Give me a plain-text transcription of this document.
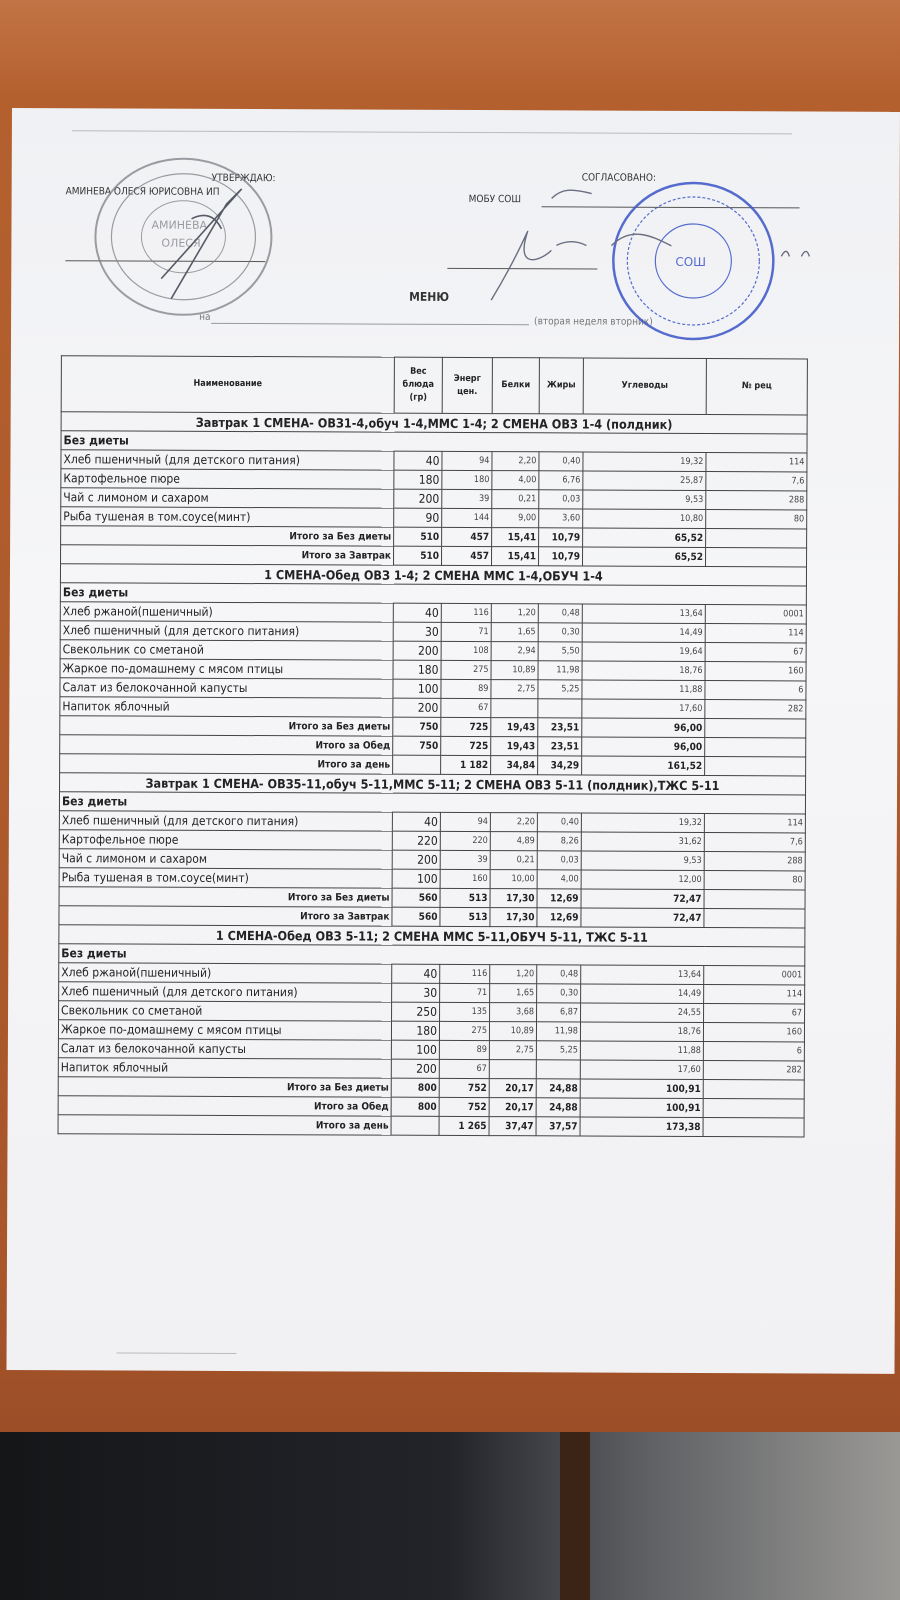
УТВЕРЖДАЮ:
АМИНЕВА ОЛЕСЯ ЮРИСОВНА ИП
СОГЛАСОВАНО:
МОБУ СОШ
МЕНЮ
на	(вторая неделя вторник)
Наименование	Вес блюда (гр)	Энерг цен.	Белки	Жиры	Углеводы	№ рец
Завтрак 1 СМЕНА- ОВЗ1-4,обуч 1-4,ММС 1-4; 2 СМЕНА ОВЗ 1-4 (полдник)						
Без диеты						
Хлеб пшеничный (для детского питания)	40	94	2,20	0,40	19,32	114
Картофельное пюре	180	180	4,00	6,76	25,87	7,6
Чай с лимоном и сахаром	200	39	0,21	0,03	9,53	288
Рыба тушеная в том.соусе(минт)	90	144	9,00	3,60	10,80	80
Итого за Без диеты	510	457	15,41	10,79	65,52	
Итого за Завтрак	510	457	15,41	10,79	65,52	
1 СМЕНА-Обед ОВЗ 1-4; 2 СМЕНА ММС 1-4,ОБУЧ 1-4						
Без диеты						
Хлеб ржаной(пшеничный)	40	116	1,20	0,48	13,64	0001
Хлеб пшеничный (для детского питания)	30	71	1,65	0,30	14,49	114
Свекольник со сметаной	200	108	2,94	5,50	19,64	67
Жаркое по-домашнему с мясом птицы	180	275	10,89	11,98	18,76	160
Салат из белокочанной капусты	100	89	2,75	5,25	11,88	6
Напиток яблочный	200	67			17,60	282
Итого за Без диеты	750	725	19,43	23,51	96,00	
Итого за Обед	750	725	19,43	23,51	96,00	
Итого за день		1 182	34,84	34,29	161,52	
Завтрак 1 СМЕНА- ОВЗ5-11,обуч 5-11,ММС 5-11; 2 СМЕНА ОВЗ 5-11 (полдник),ТЖС 5-11						
Без диеты						
Хлеб пшеничный (для детского питания)	40	94	2,20	0,40	19,32	114
Картофельное пюре	220	220	4,89	8,26	31,62	7,6
Чай с лимоном и сахаром	200	39	0,21	0,03	9,53	288
Рыба тушеная в том.соусе(минт)	100	160	10,00	4,00	12,00	80
Итого за Без диеты	560	513	17,30	12,69	72,47	
Итого за Завтрак	560	513	17,30	12,69	72,47	
1 СМЕНА-Обед ОВЗ 5-11; 2 СМЕНА ММС 5-11,ОБУЧ 5-11, ТЖС 5-11						
Без диеты						
Хлеб ржаной(пшеничный)	40	116	1,20	0,48	13,64	0001
Хлеб пшеничный (для детского питания)	30	71	1,65	0,30	14,49	114
Свекольник со сметаной	250	135	3,68	6,87	24,55	67
Жаркое по-домашнему с мясом птицы	180	275	10,89	11,98	18,76	160
Салат из белокочанной капусты	100	89	2,75	5,25	11,88	6
Напиток яблочный	200	67			17,60	282
Итого за Без диеты	800	752	20,17	24,88	100,91	
Итого за Обед	800	752	20,17	24,88	100,91	
Итого за день		1 265	37,47	37,57	173,38	
АМИНЕВА
ОЛЕСЯ
СОШ
